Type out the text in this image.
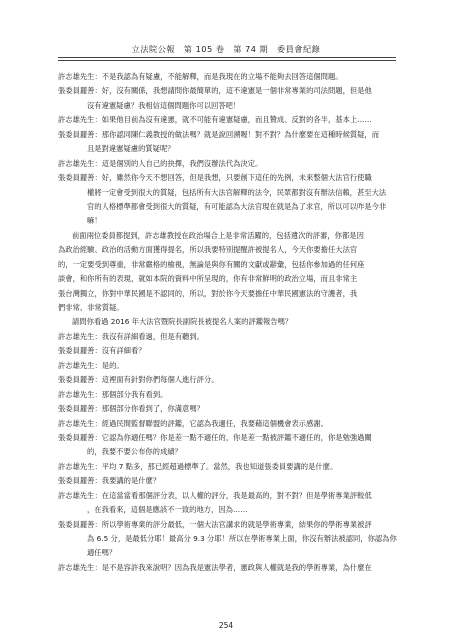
立法院公報　第 105 卷　第 74 期　委員會紀錄
許志雄先生：不是我認為有疑慮，不能解釋，而是我現在的立場不能夠去回答這個問題。
張委員麗善：好，沒有關係，我想請問你最簡單的，這不違憲是一個非常專業的司法問題，但是他
沒有違憲疑慮？我相信這個問題你可以回答吧！
許志雄先生：如果他目前為沒有違憲，就不可能有違憲疑慮，而且贊成、反對的各半，基本上……
張委員麗善：那你認同陳仁義教授的做法嗎？就是說回溯喔！對不對？為什麼要在這種時候質疑，而
且是對違憲疑慮的質疑呢？
許志雄先生：這是個別的人自己的抉擇，我們沒辦法代為決定。
張委員麗善：好，雖然你今天不想回答，但是我想，只要創下這任的先例，未來整個大法官行使職
權將一定會受到很大的質疑，包括所有大法官解釋的法令，民眾都對沒有辦法信賴，甚至大法
官的人格標準都會受到很大的質疑，有可能認為大法官現在就是為了求官，所以可以咋是今非
嘛！
前面兩位委員都提到，許志雄教授在政治場合上是非常活躍的，包括遺次的評審，你都是因
為政治經驗、政治的活動方面獲得提名，所以我要特別提醒許被提名人，今天你要擔任大法官
的，一定要受到尊重，非常嚴格的檢視，無論是與你有關的文獻或辭彙，包括你參加過的任何座
談會，和你所有的表現，就如本院的資料中所呈現的，你有非常鮮明的政治立場，而且非常主
張台灣獨立，你對中華民國是不認同的，所以，對於你今天要擔任中華民國憲法的守護者，我
們非常、非常質疑。
請問你看過 2016 年大法官暨院長副院長被提名人案的評鑑報告嗎？
許志雄先生：我沒有詳細看過，但是有聽到。
張委員麗善：沒有詳細看？
許志雄先生：是的。
張委員麗善：這裡面有針對你們每個人進行評分。
許志雄先生：那個部分我有看到。
張委員麗善：那個部分你看到了，你滿意嗎？
許志雄先生：經過民間監督聯盟的評鑑，它認為我適任，我要藉這個機會表示感謝。
張委員麗善：它認為你適任嗎？你是差一點不適任的，你是差一點被評鑑不適任的，你是勉強過關
的，我要不要公布你的成績？
許志雄先生：平均 7 點多，那已經超過標準了。當然，我也知道張委員要講的是什麼。
張委員麗善：我要講的是什麼？
許志雄先生：在這當當看那個評分表，以人權的評分，我是最高的，對不對？但是學術專業評較低
，在我看來，這個是應該不一致的地方，因為……
張委員麗善：所以學術專業的評分最低，一個大法官講求的就是學術專業，結果你的學術專業被評
為 6.5 分，是最低分耶！最高分 9.3 分耶！所以在學術專業上面，你沒有辦法被認同，你認為你
適任嗎？
許志雄先生：是不是容許我來說明？因為我是憲法學者，憲政與人權就是我的學術專業，為什麼在
254
